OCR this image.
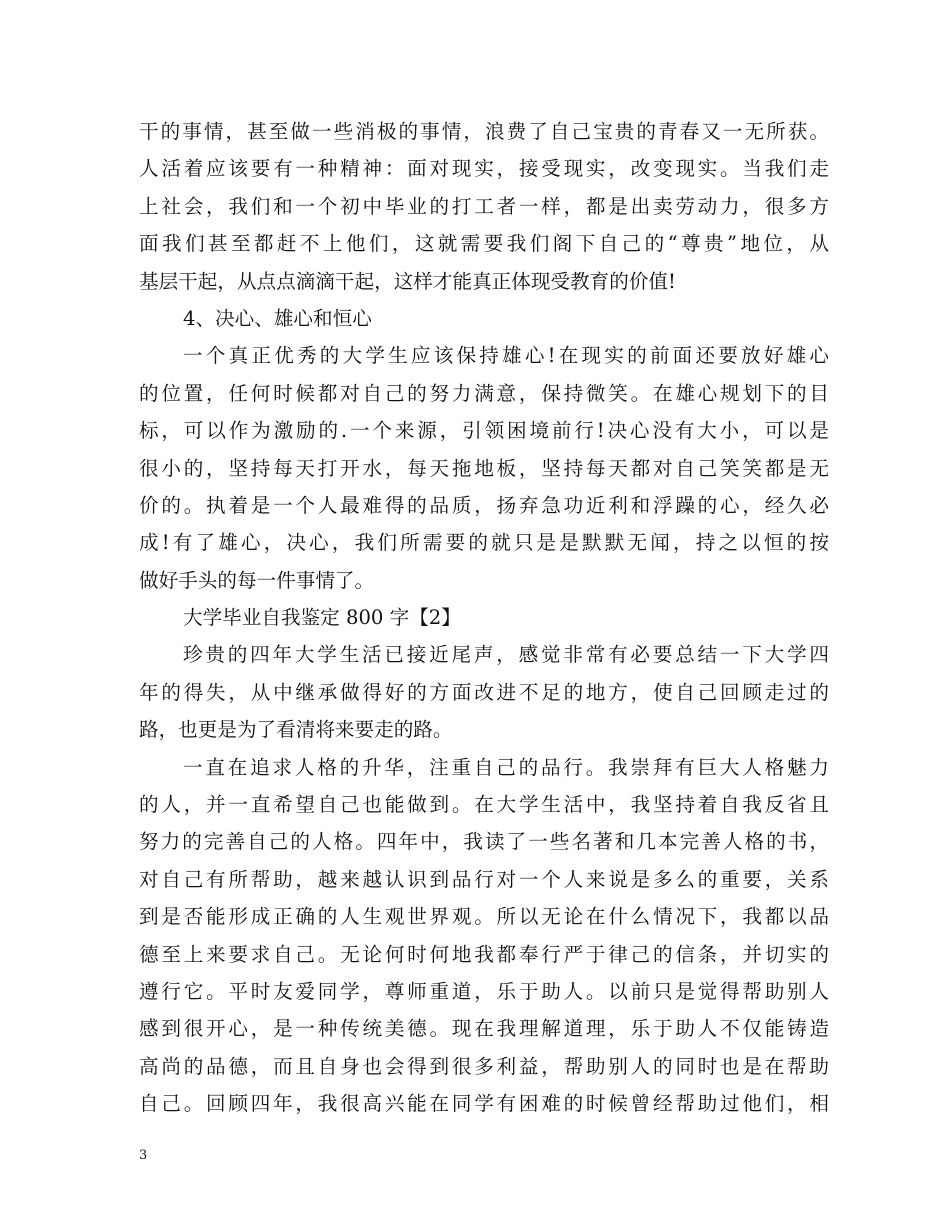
干的事情，甚至做一些消极的事情，浪费了自己宝贵的青春又一无所获。
人活着应该要有一种精神：面对现实，接受现实，改变现实。当我们走
上社会，我们和一个初中毕业的打工者一样，都是出卖劳动力，很多方
面我们甚至都赶不上他们，这就需要我们阁下自己的“尊贵”地位，从
基层干起，从点点滴滴干起，这样才能真正体现受教育的价值!
4、决心、雄心和恒心
一个真正优秀的大学生应该保持雄心!在现实的前面还要放好雄心
的位置，任何时候都对自己的努力满意，保持微笑。在雄心规划下的目
标，可以作为激励的.一个来源，引领困境前行!决心没有大小，可以是
很小的，坚持每天打开水，每天拖地板，坚持每天都对自己笑笑都是无
价的。执着是一个人最难得的品质，扬弃急功近利和浮躁的心，经久必
成!有了雄心，决心，我们所需要的就只是是默默无闻，持之以恒的按
做好手头的每一件事情了。
大学毕业自我鉴定 800 字【2】
珍贵的四年大学生活已接近尾声，感觉非常有必要总结一下大学四
年的得失，从中继承做得好的方面改进不足的地方，使自己回顾走过的
路，也更是为了看清将来要走的路。
一直在追求人格的升华，注重自己的品行。我崇拜有巨大人格魅力
的人，并一直希望自己也能做到。在大学生活中，我坚持着自我反省且
努力的完善自己的人格。四年中，我读了一些名著和几本完善人格的书，
对自己有所帮助，越来越认识到品行对一个人来说是多么的重要，关系
到是否能形成正确的人生观世界观。所以无论在什么情况下，我都以品
德至上来要求自己。无论何时何地我都奉行严于律己的信条，并切实的
遵行它。平时友爱同学，尊师重道，乐于助人。以前只是觉得帮助别人
感到很开心，是一种传统美德。现在我理解道理，乐于助人不仅能铸造
高尚的品德，而且自身也会得到很多利益，帮助别人的同时也是在帮助
自己。回顾四年，我很高兴能在同学有困难的时候曾经帮助过他们，相
3
